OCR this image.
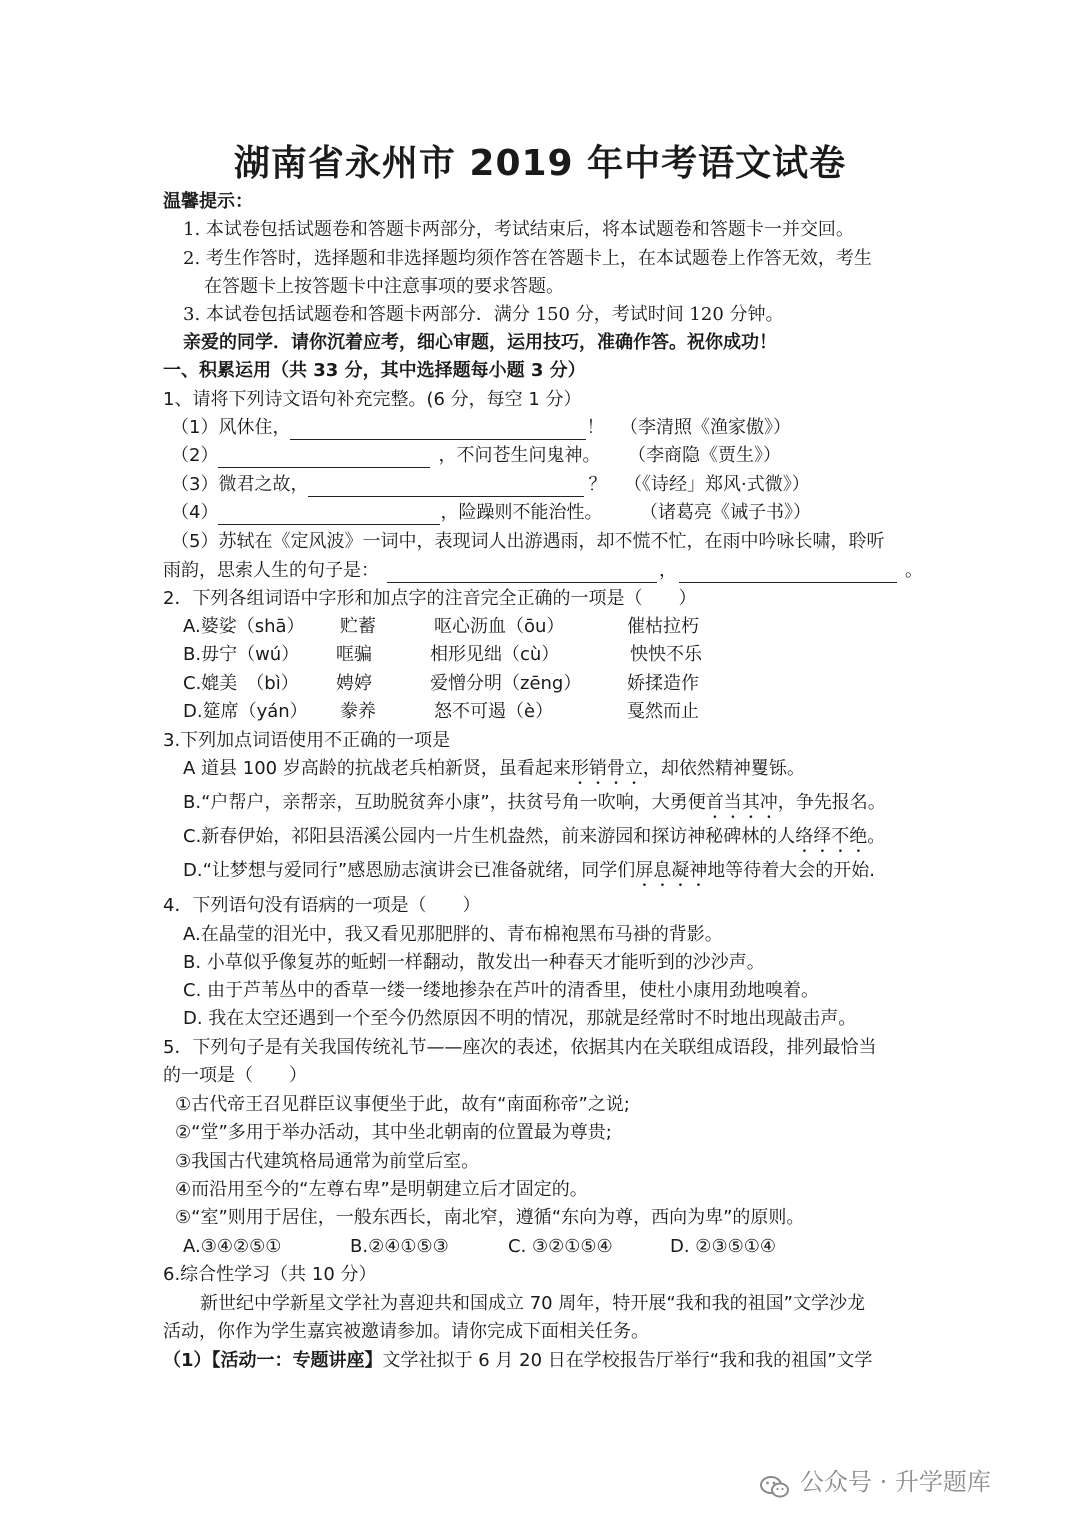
湖南省永州市 2019 年中考语文试卷
温馨提示：
1. 本试卷包括试题卷和答题卡两部分，考试结束后，将本试题卷和答题卡一并交回。
2. 考生作答时，选择题和非选择题均须作答在答题卡上，在本试题卷上作答无效，考生
在答题卡上按答题卡中注意事项的要求答题。
3. 本试卷包括试题卷和答题卡两部分．满分 150 分，考试时间 120 分钟。
亲爱的同学．请你沉着应考，细心审题，运用技巧，准确作答。祝你成功！
一、积累运用（共 33 分，其中选择题每小题 3 分）
1、请将下列诗文语句补充完整。(6 分，每空 1 分）
（1）风休住，	！ （李清照《渔家傲》）
（2）	，不问苍生问鬼神。 （李商隐《贾生》）
（3）微君之故，	？ （《诗经」郑风·式微》）
（4）	，险躁则不能治性。 （诸葛亮《诫子书》）
（5）苏轼在《定风波》一词中，表现词人出游遇雨，却不慌不忙，在雨中吟咏长啸，聆听
雨韵，思索人生的句子是：	，	。
2．下列各组词语中字形和加点字的注音完全正确的一项是（　　）
A.婆娑（shā） 贮蓄	呕心沥血（ōu）	催枯拉朽
B.毋宁（wú） 哐骗	相形见绌（cù）	怏怏不乐
C.媲美　（bì） 娉婷	爱憎分明（zēng）	娇揉造作
D.筵席（yán） 豢养	怒不可遏（è）	戛然而止
3.下列加点词语使用不正确的一项是
A 道县 100 岁高龄的抗战老兵柏新贤，虽看起来形销骨立，却依然精神矍铄。
B.“户帮户，亲帮亲，互助脱贫奔小康”，扶贫号角一吹响，大勇便首当其冲，争先报名。
C.新春伊始，祁阳县浯溪公园内一片生机盎然，前来游园和探访神秘碑林的人络绎不绝。
D.“让梦想与爱同行”感恩励志演讲会已准备就绪，同学们屏息凝神地等待着大会的开始.
4．下列语句没有语病的一项是（　　）
A.在晶莹的泪光中，我又看见那肥胖的、青布棉袍黑布马褂的背影。
B. 小草似乎像复苏的蚯蚓一样翻动，散发出一种春天才能听到的沙沙声。
C. 由于芦苇丛中的香草一缕一缕地掺杂在芦叶的清香里，使杜小康用劲地嗅着。
D. 我在太空还遇到一个至今仍然原因不明的情况，那就是经常时不时地出现敲击声。
5．下列句子是有关我国传统礼节——座次的表述，依据其内在关联组成语段，排列最恰当
的一项是（　　）
①古代帝王召见群臣议事便坐于此，故有“南面称帝”之说;
②“堂”多用于举办活动，其中坐北朝南的位置最为尊贵;
③我国古代建筑格局通常为前堂后室。
④而沿用至今的“左尊右卑”是明朝建立后才固定的。
⑤“室”则用于居住，一般东西长，南北窄，遵循“东向为尊，西向为卑”的原则。
A.③④②⑤①	B.②④①⑤③	C. ③②①⑤④	D. ②③⑤①④
6.综合性学习（共 10 分）
新世纪中学新星文学社为喜迎共和国成立 70 周年，特开展“我和我的祖国”文学沙龙
活动，你作为学生嘉宾被邀请参加。请你完成下面相关任务。
（1）【活动一：专题讲座】文学社拟于 6 月 20 日在学校报告厅举行“我和我的祖国”文学
公众号 · 升学题库
